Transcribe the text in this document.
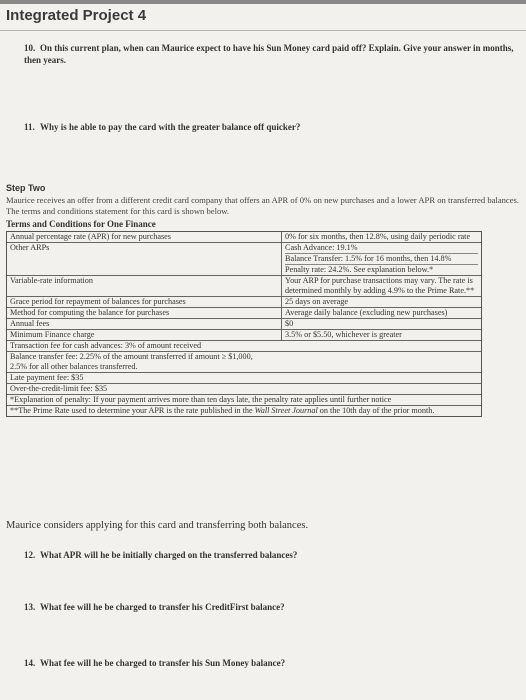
Integrated Project 4
10. On this current plan, when can Maurice expect to have his Sun Money card paid off? Explain. Give your answer in months, then years.
11. Why is he able to pay the card with the greater balance off quicker?
Step Two
Maurice receives an offer from a different credit card company that offers an APR of 0% on new purchases and a lower APR on transferred balances. The terms and conditions statement for this card is shown below.
Terms and Conditions for One Finance
Annual percentage rate (APR) for new purchases	0% for six months, then 12.8%, using daily periodic rate
Other ARPs	Cash Advance: 19.1%
Balance Transfer: 1.5% for 16 months, then 14.8%
Penalty rate: 24.2%. See explanation below.*
Variable-rate information	Your ARP for purchase transactions may vary. The rate is determined monthly by adding 4.9% to the Prime Rate.**
Grace period for repayment of balances for purchases	25 days on average
Method for computing the balance for purchases	Average daily balance (excluding new purchases)
Annual fees	$0
Minimum Finance charge	3.5% or $5.50, whichever is greater
Transaction fee for cash advances: 3% of amount received
Balance transfer fee: 2.25% of the amount transferred if amount ≥ $1,000,
2.5% for all other balances transferred.
Late payment fee: $35
Over-the-credit-limit fee: $35
*Explanation of penalty: If your payment arrives more than ten days late, the penalty rate applies until further notice
**The Prime Rate used to determine your APR is the rate published in the Wall Street Journal on the 10th day of the prior month.
Maurice considers applying for this card and transferring both balances.
12. What APR will he be initially charged on the transferred balances?
13. What fee will he be charged to transfer his CreditFirst balance?
14. What fee will he be charged to transfer his Sun Money balance?
